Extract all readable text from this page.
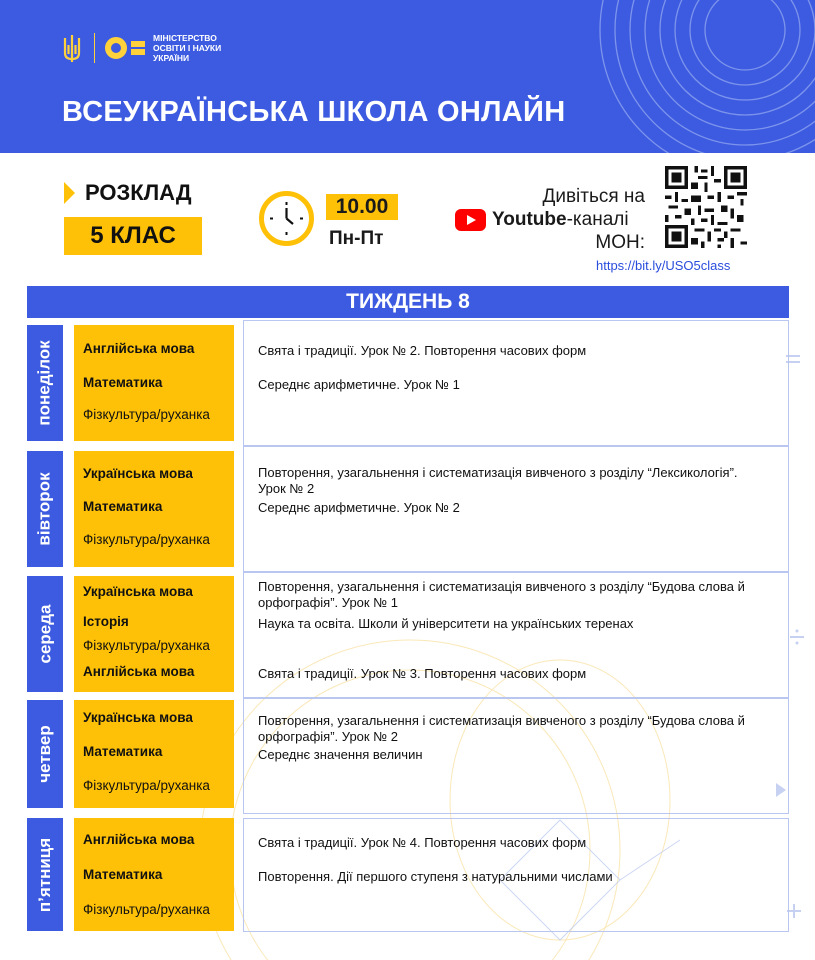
МІНІСТЕРСТВО
ОСВІТИ І НАУКИ
УКРАЇНИ
ВСЕУКРАЇНСЬКА ШКОЛА ОНЛАЙН
РОЗКЛАД
5 КЛАС
10.00
Пн-Пт
Дивіться на
Youtube -каналі
МОН:
https://bit.ly/USO5class
ТИЖДЕНЬ 8
понеділок Англійська мова
Математика
Фізкультура/руханка
Свята і традиції. Урок № 2. Повторення часових форм
Середнє арифметичне. Урок № 1
вівторок Українська мова
Математика
Фізкультура/руханка
Повторення, узагальнення і систематизація вивченого з розділу “Лексикологія”. Урок № 2
Середнє арифметичне. Урок № 2
середа
Українська мова
Історія
Фізкультура/руханка
Англійська мова
Повторення, узагальнення і систематизація вивченого з розділу “Будова слова й орфографія”. Урок № 1
Наука та освіта. Школи й університети на українських теренах
Свята і традиції. Урок № 3. Повторення часових форм
четвер
Українська мова
Математика
Фізкультура/руханка
Повторення, узагальнення і систематизація вивченого з розділу “Будова слова й орфографія”. Урок № 2
Середнє значення величин
п’ятниця Англійська мова
Математика
Фізкультура/руханка
Свята і традиції. Урок № 4. Повторення часових форм
Повторення. Дії першого ступеня з натуральними числами
